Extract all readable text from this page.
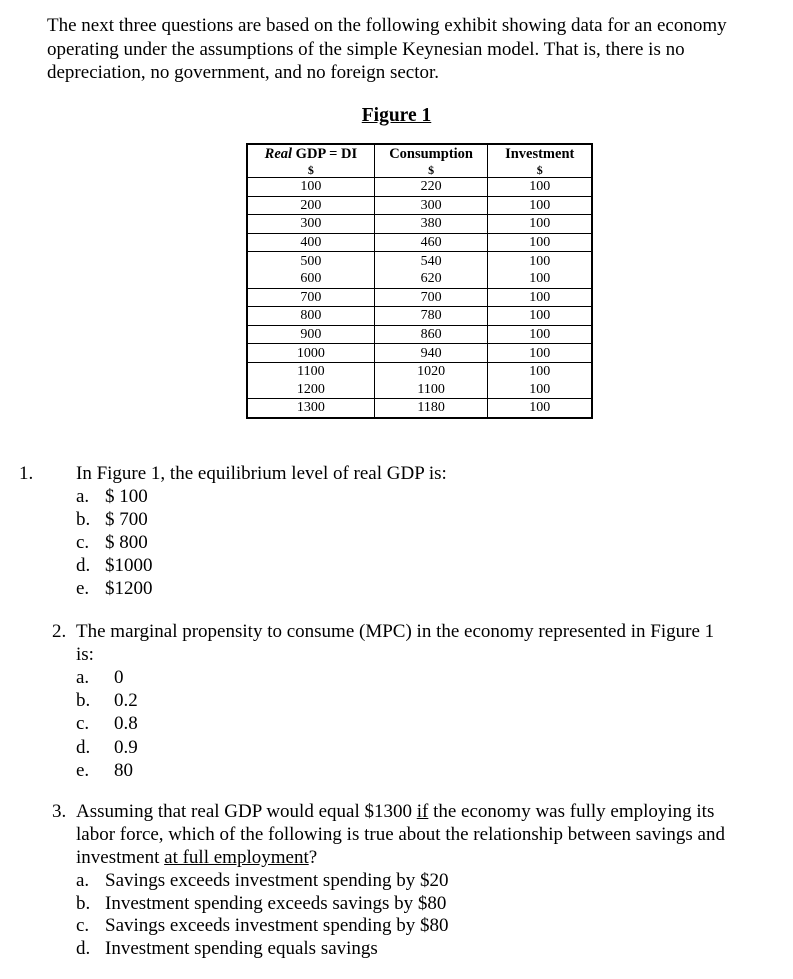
The next three questions are based on the following exhibit showing data for an economy operating under the assumptions of the simple Keynesian model. That is, there is no depreciation, no government, and no foreign sector.
Figure 1
Real GDP = DI	Consumption	Investment
$	$	$
100	220	100
200	300	100
300	380	100
400	460	100
500	540	100
600	620	100
700	700	100
800	780	100
900	860	100
1000	940	100
1100	1020	100
1200	1100	100
1300	1180	100
1. In Figure 1, the equilibrium level of real GDP is:
a. $ 100
b. $ 700
c. $ 800
d. $1000
e. $1200
2. The marginal propensity to consume (MPC) in the economy represented in Figure 1
is:
a. 0
b. 0.2
c. 0.8
d. 0.9
e. 80
3. Assuming that real GDP would equal $1300 if the economy was fully employing its
labor force, which of the following is true about the relationship between savings and
investment at full employment?
a. Savings exceeds investment spending by $20
b. Investment spending exceeds savings by $80
c. Savings exceeds investment spending by $80
d. Investment spending equals savings
